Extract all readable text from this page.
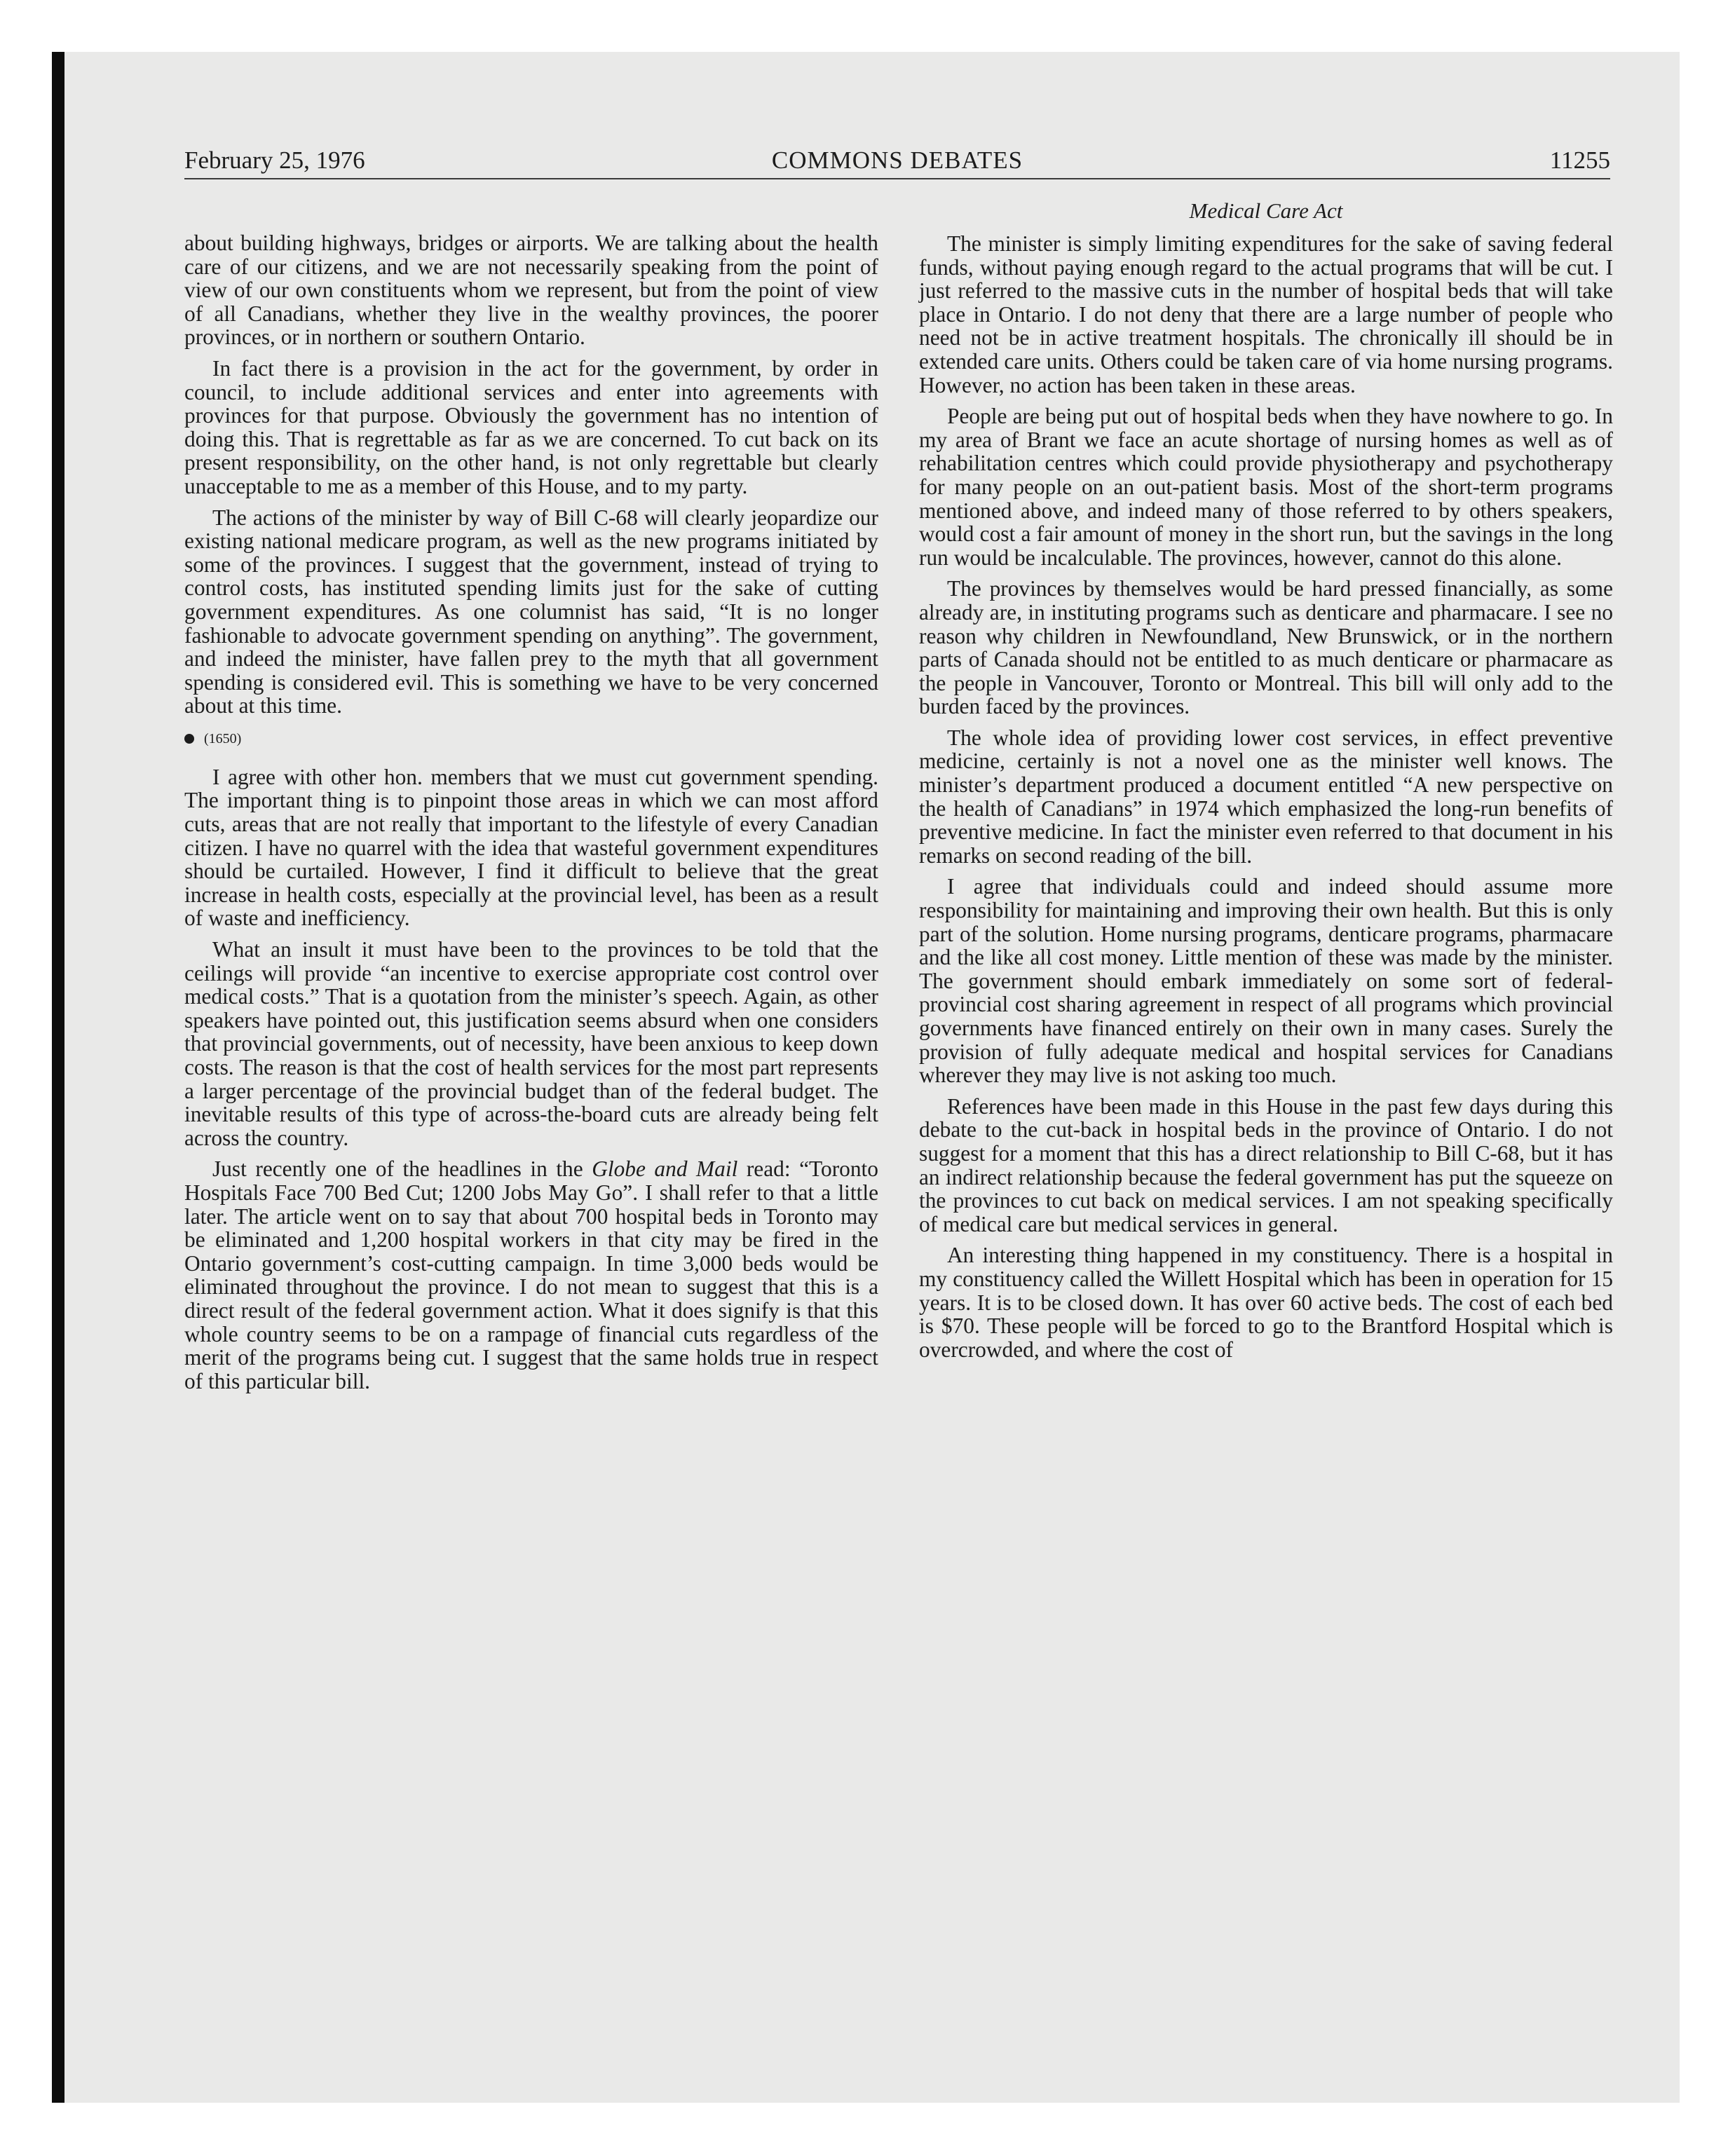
February 25, 1976	COMMONS DEBATES	11255

about building highways, bridges or airports. We are talking about the health care of our citizens, and we are not necessarily speaking from the point of view of our own constituents whom we represent, but from the point of view of all Canadians, whether they live in the wealthy provinces, the poorer provinces, or in northern or southern Ontario.

In fact there is a provision in the act for the government, by order in council, to include additional services and enter into agreements with provinces for that purpose. Obviously the government has no intention of doing this. That is regrettable as far as we are concerned. To cut back on its present responsibility, on the other hand, is not only regrettable but clearly unacceptable to me as a member of this House, and to my party.

The actions of the minister by way of Bill C-68 will clearly jeopardize our existing national medicare program, as well as the new programs initiated by some of the provinces. I suggest that the government, instead of trying to control costs, has instituted spending limits just for the sake of cutting government expenditures. As one columnist has said, “It is no longer fashionable to advocate government spending on anything”. The government, and indeed the minister, have fallen prey to the myth that all government spending is considered evil. This is something we have to be very concerned about at this time.

(1650)

I agree with other hon. members that we must cut government spending. The important thing is to pinpoint those areas in which we can most afford cuts, areas that are not really that important to the lifestyle of every Canadian citizen. I have no quarrel with the idea that wasteful government expenditures should be curtailed. However, I find it difficult to believe that the great increase in health costs, especially at the provincial level, has been as a result of waste and inefficiency.

What an insult it must have been to the provinces to be told that the ceilings will provide “an incentive to exercise appropriate cost control over medical costs.” That is a quotation from the minister’s speech. Again, as other speakers have pointed out, this justification seems absurd when one considers that provincial governments, out of necessity, have been anxious to keep down costs. The reason is that the cost of health services for the most part represents a larger percentage of the provincial budget than of the federal budget. The inevitable results of this type of across-the-board cuts are already being felt across the country.

Just recently one of the headlines in the Globe and Mail read: “Toronto Hospitals Face 700 Bed Cut; 1200 Jobs May Go”. I shall refer to that a little later. The article went on to say that about 700 hospital beds in Toronto may be eliminated and 1,200 hospital workers in that city may be fired in the Ontario government’s cost-cutting campaign. In time 3,000 beds would be eliminated throughout the province. I do not mean to suggest that this is a direct result of the federal government action. What it does signify is that this whole country seems to be on a rampage of financial cuts regardless of the merit of the programs being cut. I suggest that the same holds true in respect of this particular bill.

Medical Care Act

The minister is simply limiting expenditures for the sake of saving federal funds, without paying enough regard to the actual programs that will be cut. I just referred to the massive cuts in the number of hospital beds that will take place in Ontario. I do not deny that there are a large number of people who need not be in active treatment hospitals. The chronically ill should be in extended care units. Others could be taken care of via home nursing programs. However, no action has been taken in these areas.

People are being put out of hospital beds when they have nowhere to go. In my area of Brant we face an acute shortage of nursing homes as well as of rehabilitation centres which could provide physiotherapy and psychotherapy for many people on an out-patient basis. Most of the short-term programs mentioned above, and indeed many of those referred to by others speakers, would cost a fair amount of money in the short run, but the savings in the long run would be incalculable. The provinces, however, cannot do this alone.

The provinces by themselves would be hard pressed financially, as some already are, in instituting programs such as denticare and pharmacare. I see no reason why children in Newfoundland, New Brunswick, or in the northern parts of Canada should not be entitled to as much denticare or pharmacare as the people in Vancouver, Toronto or Montreal. This bill will only add to the burden faced by the provinces.

The whole idea of providing lower cost services, in effect preventive medicine, certainly is not a novel one as the minister well knows. The minister’s department produced a document entitled “A new perspective on the health of Canadians” in 1974 which emphasized the long-run benefits of preventive medicine. In fact the minister even referred to that document in his remarks on second reading of the bill.

I agree that individuals could and indeed should assume more responsibility for maintaining and improving their own health. But this is only part of the solution. Home nursing programs, denticare programs, pharmacare and the like all cost money. Little mention of these was made by the minister. The government should embark immediately on some sort of federal-provincial cost sharing agreement in respect of all programs which provincial governments have financed entirely on their own in many cases. Surely the provision of fully adequate medical and hospital services for Canadians wherever they may live is not asking too much.

References have been made in this House in the past few days during this debate to the cut-back in hospital beds in the province of Ontario. I do not suggest for a moment that this has a direct relationship to Bill C-68, but it has an indirect relationship because the federal government has put the squeeze on the provinces to cut back on medical services. I am not speaking specifically of medical care but medical services in general.

An interesting thing happened in my constituency. There is a hospital in my constituency called the Willett Hospital which has been in operation for 15 years. It is to be closed down. It has over 60 active beds. The cost of each bed is $70. These people will be forced to go to the Brantford Hospital which is overcrowded, and where the cost of
